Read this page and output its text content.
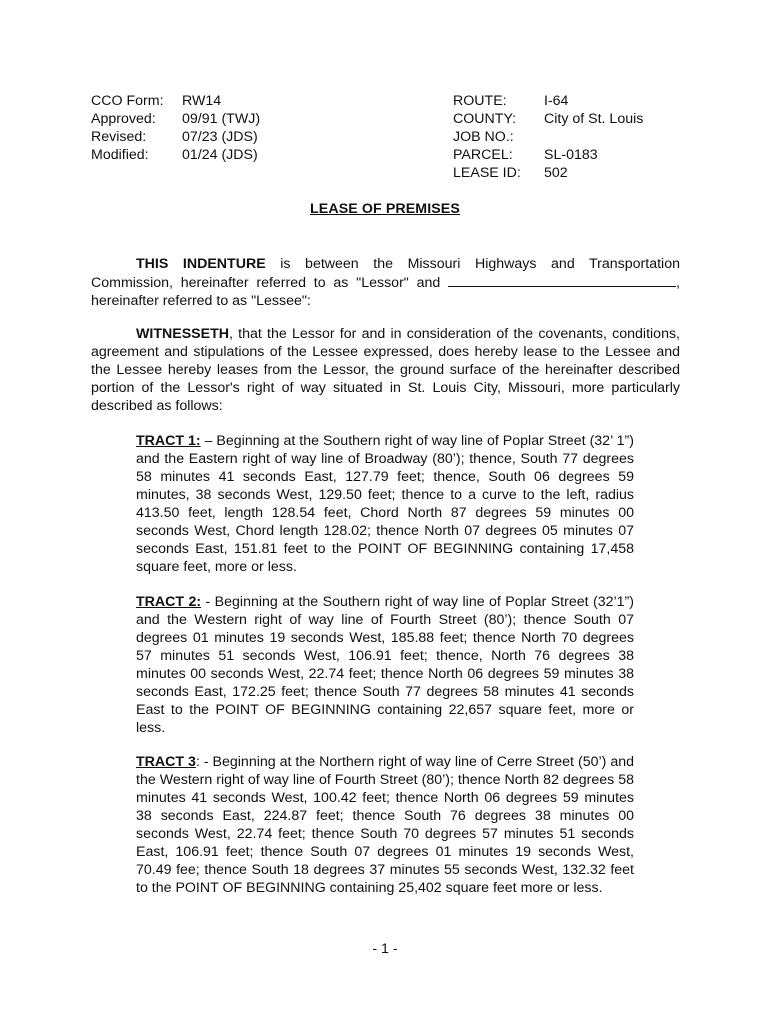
CCO Form:	RW14
Approved:	09/91 (TWJ)
Revised:	07/23 (JDS)
Modified:	01/24 (JDS)
ROUTE:	I-64
COUNTY:	City of St. Louis
JOB NO.:	
PARCEL:	SL-0183
LEASE ID:	502
LEASE OF PREMISES
THIS INDENTURE is between the Missouri Highways and Transportation Commission, hereinafter referred to as "Lessor" and	, hereinafter referred to as "Lessee":
WITNESSETH, that the Lessor for and in consideration of the covenants, conditions, agreement and stipulations of the Lessee expressed, does hereby lease to the Lessee and the Lessee hereby leases from the Lessor, the ground surface of the hereinafter described portion of the Lessor's right of way situated in St. Louis City, Missouri, more particularly described as follows:
TRACT 1: – Beginning at the Southern right of way line of Poplar Street (32’ 1”) and the Eastern right of way line of Broadway (80’); thence, South 77 degrees 58 minutes 41 seconds East, 127.79 feet; thence, South 06 degrees 59 minutes, 38 seconds West, 129.50 feet; thence to a curve to the left, radius 413.50 feet, length 128.54 feet, Chord North 87 degrees 59 minutes 00 seconds West, Chord length 128.02; thence North 07 degrees 05 minutes 07 seconds East, 151.81 feet to the POINT OF BEGINNING containing 17,458 square feet, more or less.
TRACT 2: - Beginning at the Southern right of way line of Poplar Street (32’1”) and the Western right of way line of Fourth Street (80’); thence South 07 degrees 01 minutes 19 seconds West, 185.88 feet; thence North 70 degrees 57 minutes 51 seconds West, 106.91 feet; thence, North 76 degrees 38 minutes 00 seconds West, 22.74 feet; thence North 06 degrees 59 minutes 38 seconds East, 172.25 feet; thence South 77 degrees 58 minutes 41 seconds East to the POINT OF BEGINNING containing 22,657 square feet, more or less.
TRACT 3: - Beginning at the Northern right of way line of Cerre Street (50’) and the Western right of way line of Fourth Street (80’); thence North 82 degrees 58 minutes 41 seconds West, 100.42 feet; thence North 06 degrees 59 minutes 38 seconds East, 224.87 feet; thence South 76 degrees 38 minutes 00 seconds West, 22.74 feet; thence South 70 degrees 57 minutes 51 seconds East, 106.91 feet; thence South 07 degrees 01 minutes 19 seconds West, 70.49 fee; thence South 18 degrees 37 minutes 55 seconds West, 132.32 feet to the POINT OF BEGINNING containing 25,402 square feet more or less.
- 1 -
